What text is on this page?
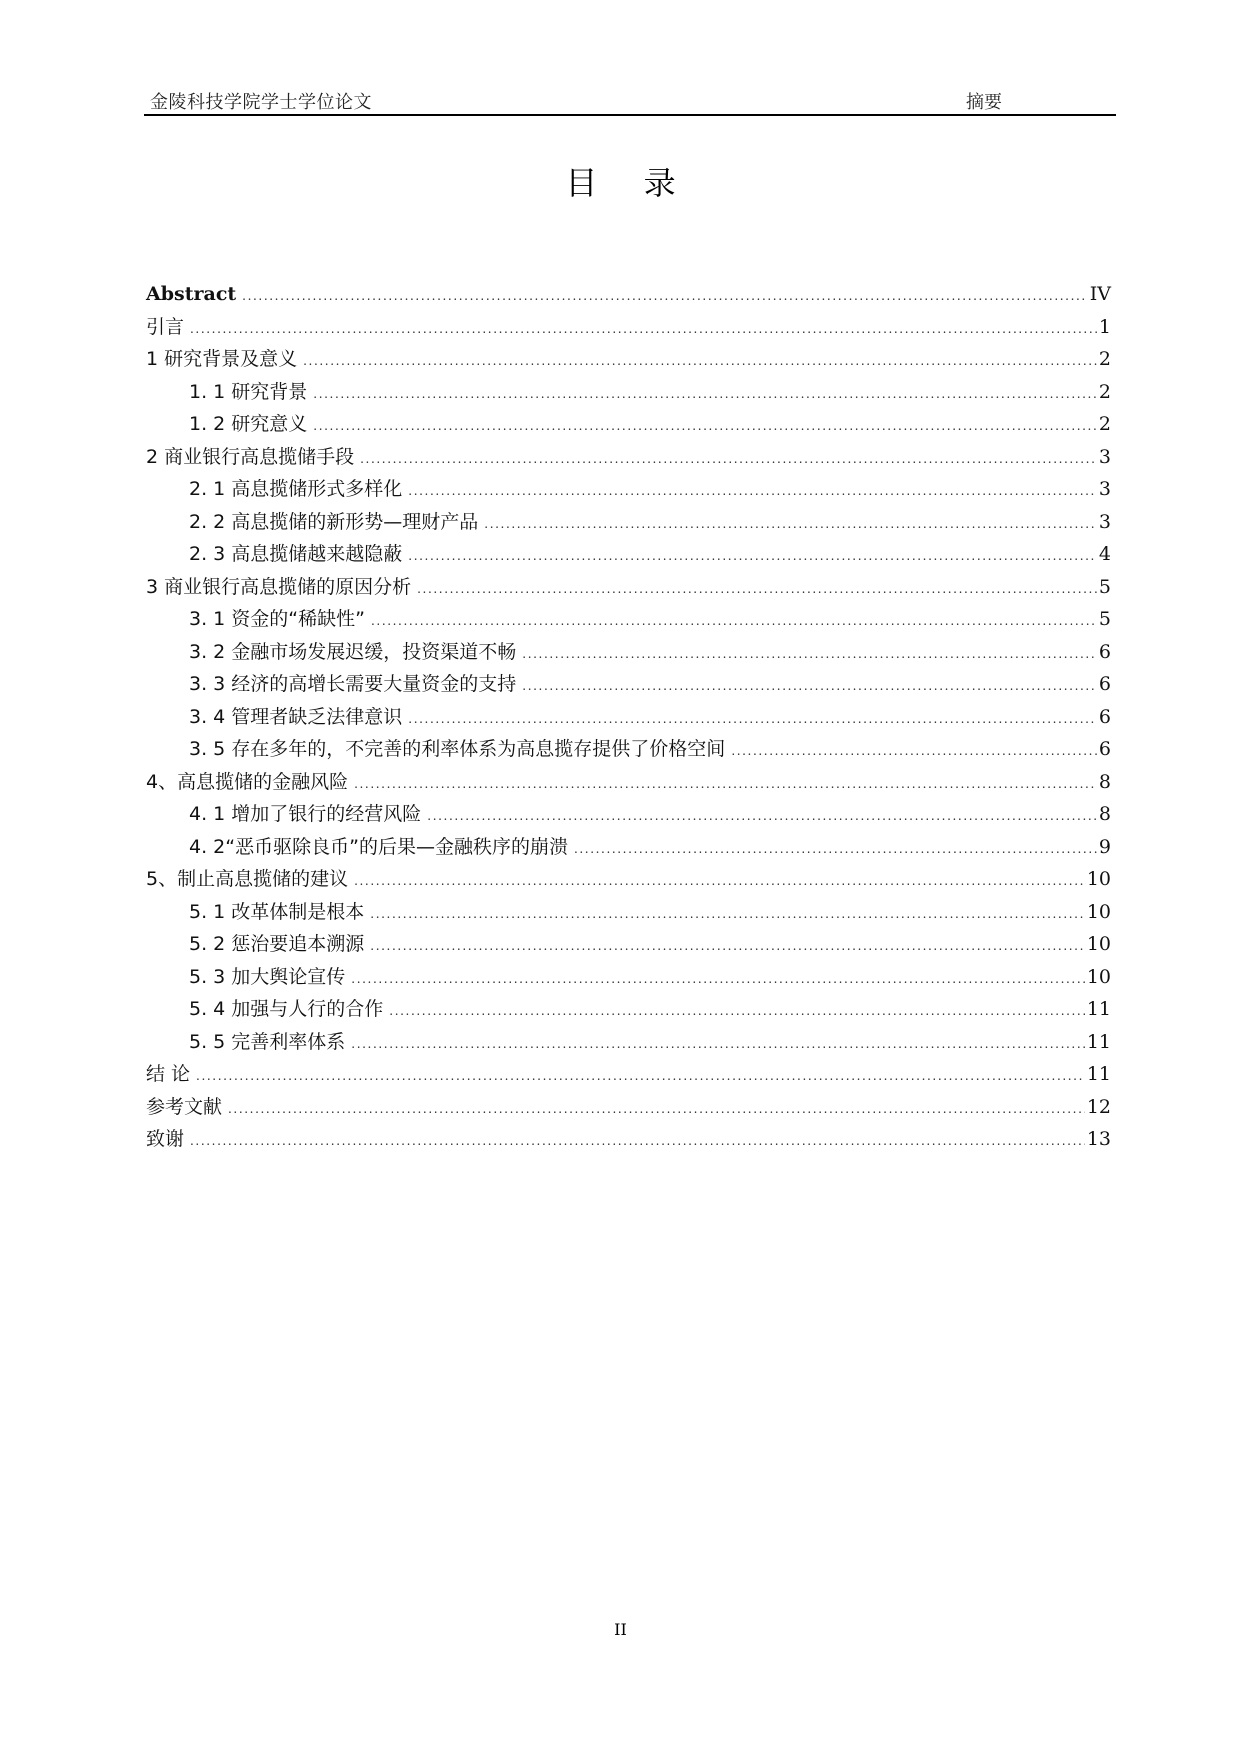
金陵科技学院学士学位论文	摘要
目 录
Abstract .....	IV
引言 .....	1
1 研究背景及意义 .....	2
1. 1 研究背景 .....	2
1. 2 研究意义 .....	2
2 商业银行高息揽储手段 .....	3
2. 1 高息揽储形式多样化 .....	3
2. 2 高息揽储的新形势—理财产品 .....	3
2. 3 高息揽储越来越隐蔽 .....	4
3 商业银行高息揽储的原因分析 .....	5
3. 1 资金的“稀缺性” .....	5
3. 2 金融市场发展迟缓，投资渠道不畅 .....	6
3. 3 经济的高增长需要大量资金的支持 .....	6
3. 4 管理者缺乏法律意识 .....	6
3. 5 存在多年的，不完善的利率体系为高息揽存提供了价格空间 .....	6
4、高息揽储的金融风险 .....	8
4. 1 增加了银行的经营风险 .....	8
4. 2“恶币驱除良币”的后果—金融秩序的崩溃 .....	9
5、制止高息揽储的建议 .....	10
5. 1 改革体制是根本 .....	10
5. 2 惩治要追本溯源 .....	10
5. 3 加大舆论宣传 .....	10
5. 4 加强与人行的合作 .....	11
5. 5 完善利率体系 .....	11
结 论 .....	11
参考文献 .....	12
致谢 .....	13
II
